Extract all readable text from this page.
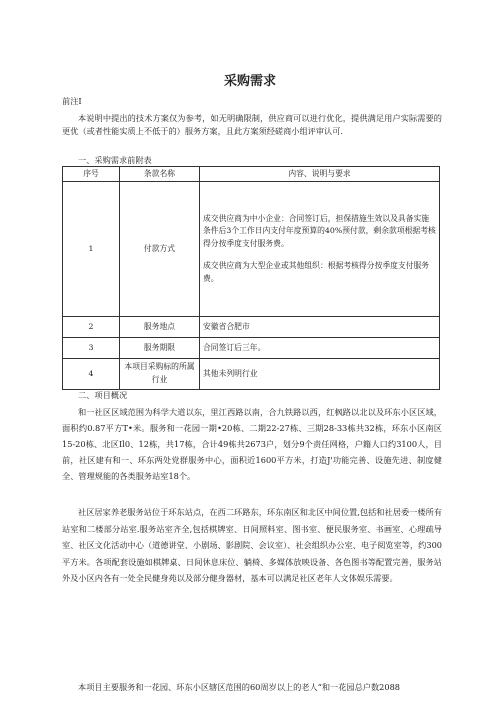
采购需求
前注I
本说明中提出的技术方案仅为参考，如无明确限制，供应商可以进行优化，提供满足用户实际需要的更优（或者性能实质上不低于的）服务方案，且此方案须经磋商小组评审认可.
一、采购需求前附表
序号	条款名称	内容、说明与要求
1	付款方式	成交供应商为中小企业：合同签订后，担保措施生效以及具备实施条件后3个工作日内支付年度预算的40%预付款，剩余款项根据考核得分按季度支付服务费。
成交供应商为大型企业或其他组织：根据考核得分按季度支付服务费。

2	服务地点	安徽省合肥市
3	服务期限	合同签订后三年。
4	本项目采购标的所属行业	其他未列明行业
二、项目概况
和一社区区域范围为科学大道以东，里江西路以南，合九铁路以西，红枫路以北以及环东小区区域，面积约0.87平方T•米。服务和一花园一期•20栋、二期22-27栋、三期28-33栋共32栋，环东小区南区15-20栋、北区Il0、12栋，共17栋，合计49栋共2673户，划分9个责任网格，户籍人口约3100人，目前，社区建有和一、环东两处党群服务中心，面积近1600平方米，打造J'功能完善、设施先进、制度健全、管理规能的各类服务站室18个。
社区居家养老服务站位于环东站点，在西二环路东，环东南区和北区中间位置,包括和社居委一楼所有站室和二楼部分站室.服务站室齐全,包括棋牌室、日间照料室、图书室、便民服务室、书画室、心理疏导室、社区文化活动中心（道德讲堂、小剧场、影剧院、会议室）、社会组织办公室、电子阅览室等，约300平方米。各项配套设施如棋牌桌、日间休息床位、躺椅、多媒体放映设备、各色图书等配置完善，服务站外及小区内各有一处全民健身苑以及部分健身器材，基本可以满足社区老年人文体娱乐需要。
本项目主要服务和一花园、环东小区辖区范围的60周岁以上的老人“和一花园总户数2088
